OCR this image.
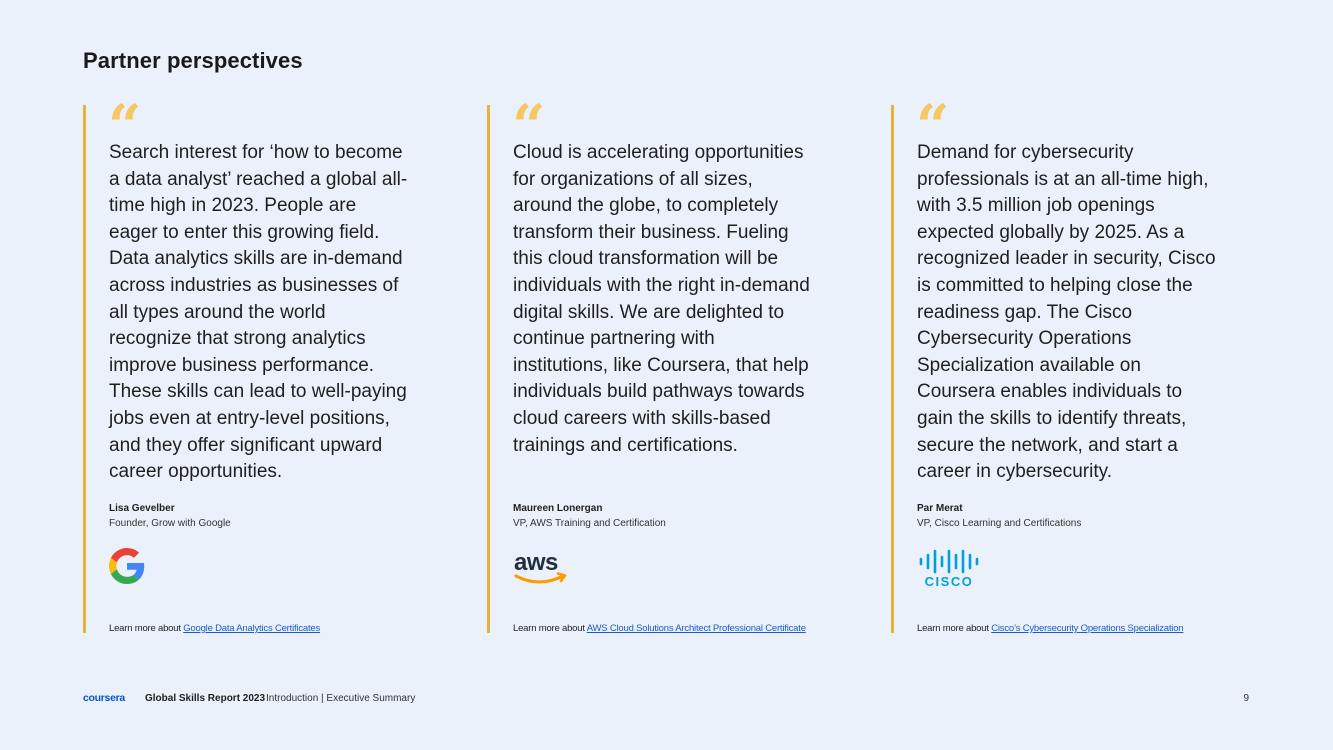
Partner perspectives
“

Search interest for ‘how to become a data analyst’ reached a global all-time high in 2023. People are eager to enter this growing field. Data analytics skills are in-demand across industries as businesses of all types around the world recognize that strong analytics improve business performance. These skills can lead to well-paying jobs even at entry-level positions, and they offer significant upward career opportunities.

Lisa Gevelber
Founder, Grow with Google
Learn more about Google Data Analytics Certificates
“

Cloud is accelerating opportunities for organizations of all sizes, around the globe, to completely transform their business. Fueling this cloud transformation will be individuals with the right in-demand digital skills. We are delighted to continue partnering with institutions, like Coursera, that help individuals build pathways towards cloud careers with skills-based trainings and certifications.

Maureen Lonergan
VP, AWS Training and Certification
aws
Learn more about AWS Cloud Solutions Architect Professional Certificate
“

Demand for cybersecurity professionals is at an all-time high, with 3.5 million job openings expected globally by 2025. As a recognized leader in security, Cisco is committed to helping close the readiness gap. The Cisco Cybersecurity Operations Specialization available on Coursera enables individuals to gain the skills to identify threats, secure the network, and start a career in cybersecurity.

Par Merat
VP, Cisco Learning and Certifications
CISCO
Learn more about Cisco’s Cybersecurity Operations Specialization
coursera Global Skills Report 2023 Introduction | Executive Summary	9
